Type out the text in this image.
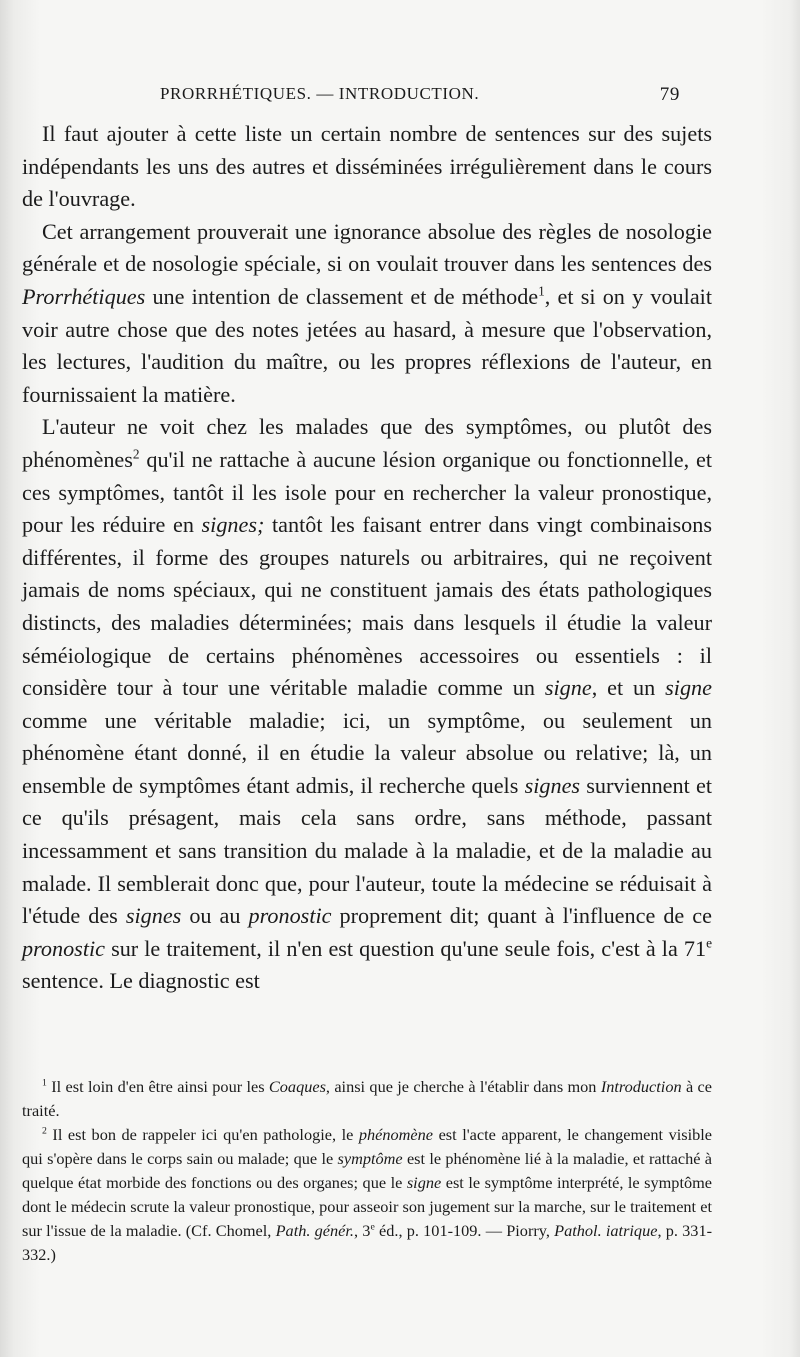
PRORRHÉTIQUES. — INTRODUCTION.	79

Il faut ajouter à cette liste un certain nombre de sentences sur des sujets indépendants les uns des autres et disséminées irrégulièrement dans le cours de l'ouvrage.

Cet arrangement prouverait une ignorance absolue des règles de nosologie générale et de nosologie spéciale, si on voulait trouver dans les sentences des Prorrhétiques une intention de classement et de méthode$^1$, et si on y voulait voir autre chose que des notes jetées au hasard, à mesure que l'observation, les lectures, l'audition du maître, ou les propres réflexions de l'auteur, en fournissaient la matière.

L'auteur ne voit chez les malades que des symptômes, ou plutôt des phénomènes$^2$ qu'il ne rattache à aucune lésion organique ou fonctionnelle, et ces symptômes, tantôt il les isole pour en rechercher la valeur pronostique, pour les réduire en signes; tantôt les faisant entrer dans vingt combinaisons différentes, il forme des groupes naturels ou arbitraires, qui ne reçoivent jamais de noms spéciaux, qui ne constituent jamais des états pathologiques distincts, des maladies déterminées; mais dans lesquels il étudie la valeur séméiologique de certains phénomènes accessoires ou essentiels : il considère tour à tour une véritable maladie comme un signe, et un signe comme une véritable maladie; ici, un symptôme, ou seulement un phénomène étant donné, il en étudie la valeur absolue ou relative; là, un ensemble de symptômes étant admis, il recherche quels signes surviennent et ce qu'ils présagent, mais cela sans ordre, sans méthode, passant incessamment et sans transition du malade à la maladie, et de la maladie au malade. Il semblerait donc que, pour l'auteur, toute la médecine se réduisait à l'étude des signes ou au pronostic proprement dit; quant à l'influence de ce pronostic sur le traitement, il n'en est question qu'une seule fois, c'est à la 71e sentence. Le diagnostic est

$^1$ Il est loin d'en être ainsi pour les Coaques, ainsi que je cherche à l'établir dans mon Introduction à ce traité.

$^2$ Il est bon de rappeler ici qu'en pathologie, le phénomène est l'acte apparent, le changement visible qui s'opère dans le corps sain ou malade; que le symptôme est le phénomène lié à la maladie, et rattaché à quelque état morbide des fonctions ou des organes; que le signe est le symptôme interprété, le symptôme dont le médecin scrute la valeur pronostique, pour asseoir son jugement sur la marche, sur le traitement et sur l'issue de la maladie. (Cf. Chomel, Path. génér., 3e éd., p. 101-109. — Piorry, Pathol. iatrique, p. 331-332.)
